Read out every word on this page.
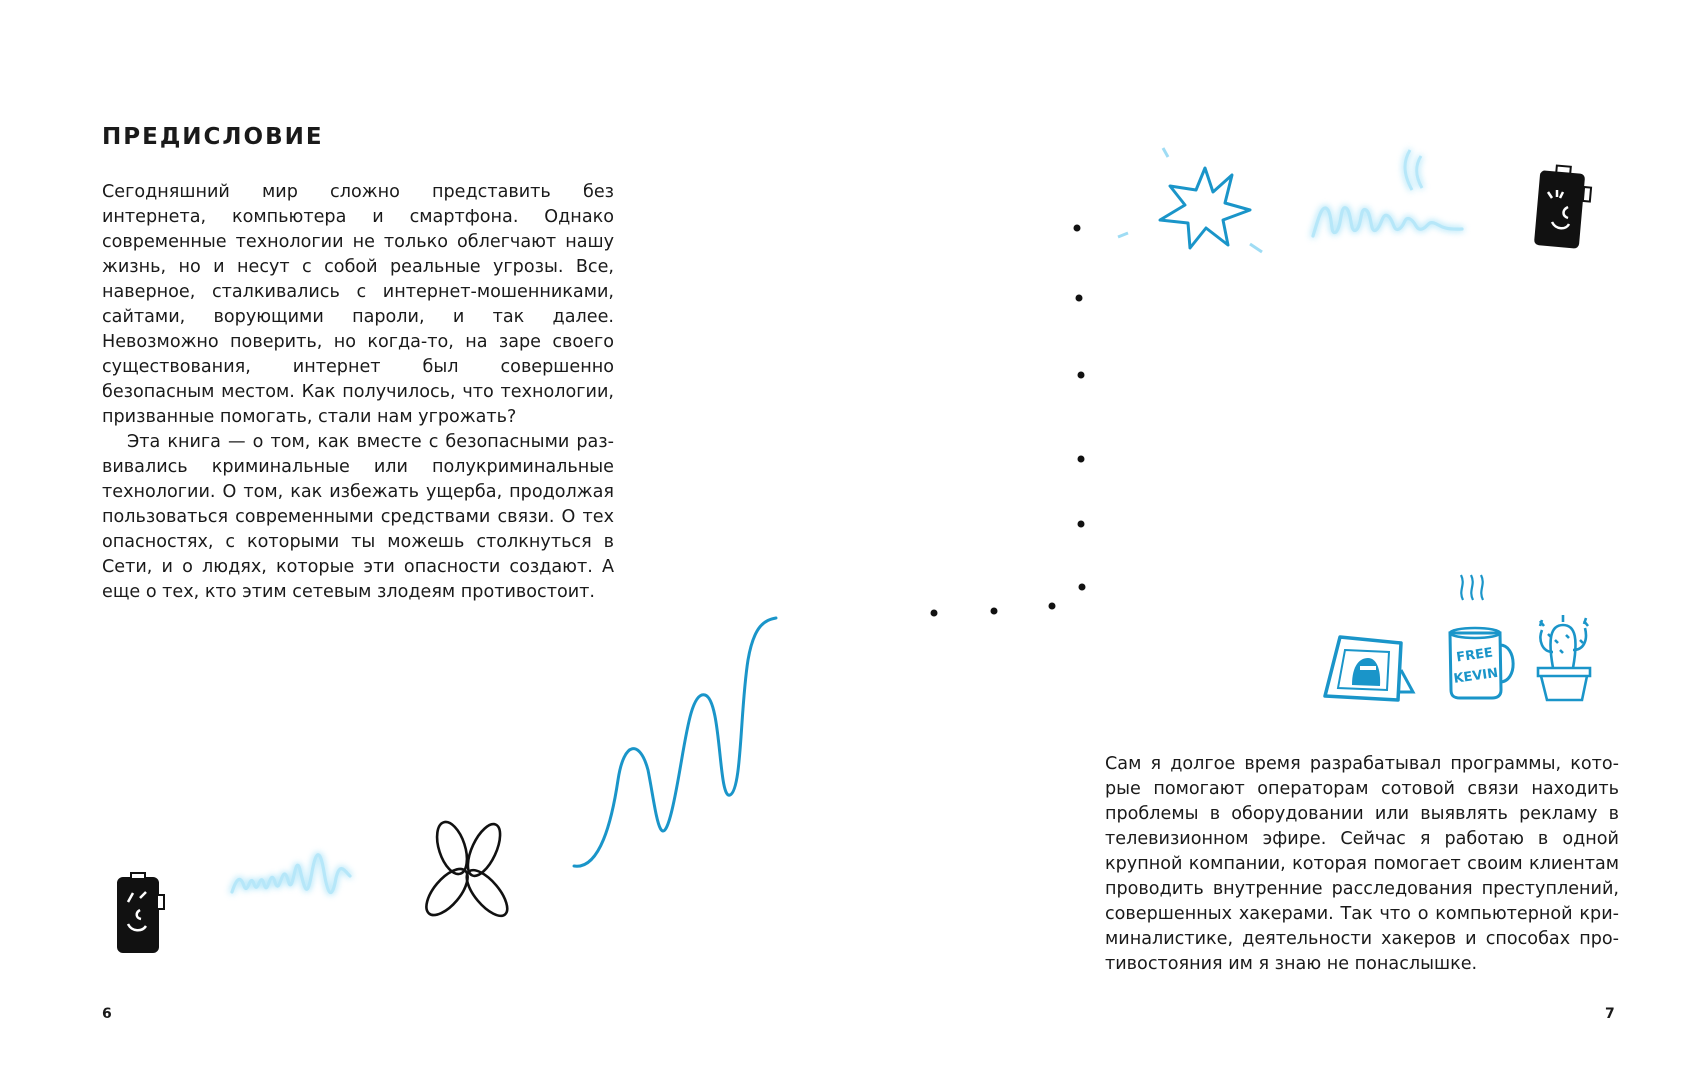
ПРЕДИСЛОВИЕ

Сегодняшний мир сложно представить без интернета, компьютера и смартфона. Однако современные технологии не только облегчают нашу жизнь, но и несут с собой реальные угрозы. Все, наверное, сталкивались с интернет-мошенниками, сайтами, ворующими пароли, и так далее. Невозможно поверить, но когда-то, на заре своего существования, интернет был совершенно безопасным местом. Как получилось, что технологии, призванные помогать, стали нам угрожать?

Эта книга — о том, как вместе с безопасными развивались криминальные или полукриминальные технологии. О том, как избежать ущерба, продолжая пользоваться современными средствами связи. О тех опасностях, с которыми ты можешь столкнуться в Сети, и о людях, которые эти опасности создают. А еще о тех, кто этим сетевым злодеям противостоит.

Сам я долгое время разрабатывал программы, которые помогают операторам сотовой связи находить проблемы в оборудовании или выявлять рекламу в телевизионном эфире. Сейчас я работаю в одной крупной компании, которая помогает своим клиентам проводить внутренние расследования преступлений, совершенных хакерами. Так что о компьютерной криминалистике, деятельности хакеров и способах противостояния им я знаю не понаслышке.

6	7
FREE
KEVIN
